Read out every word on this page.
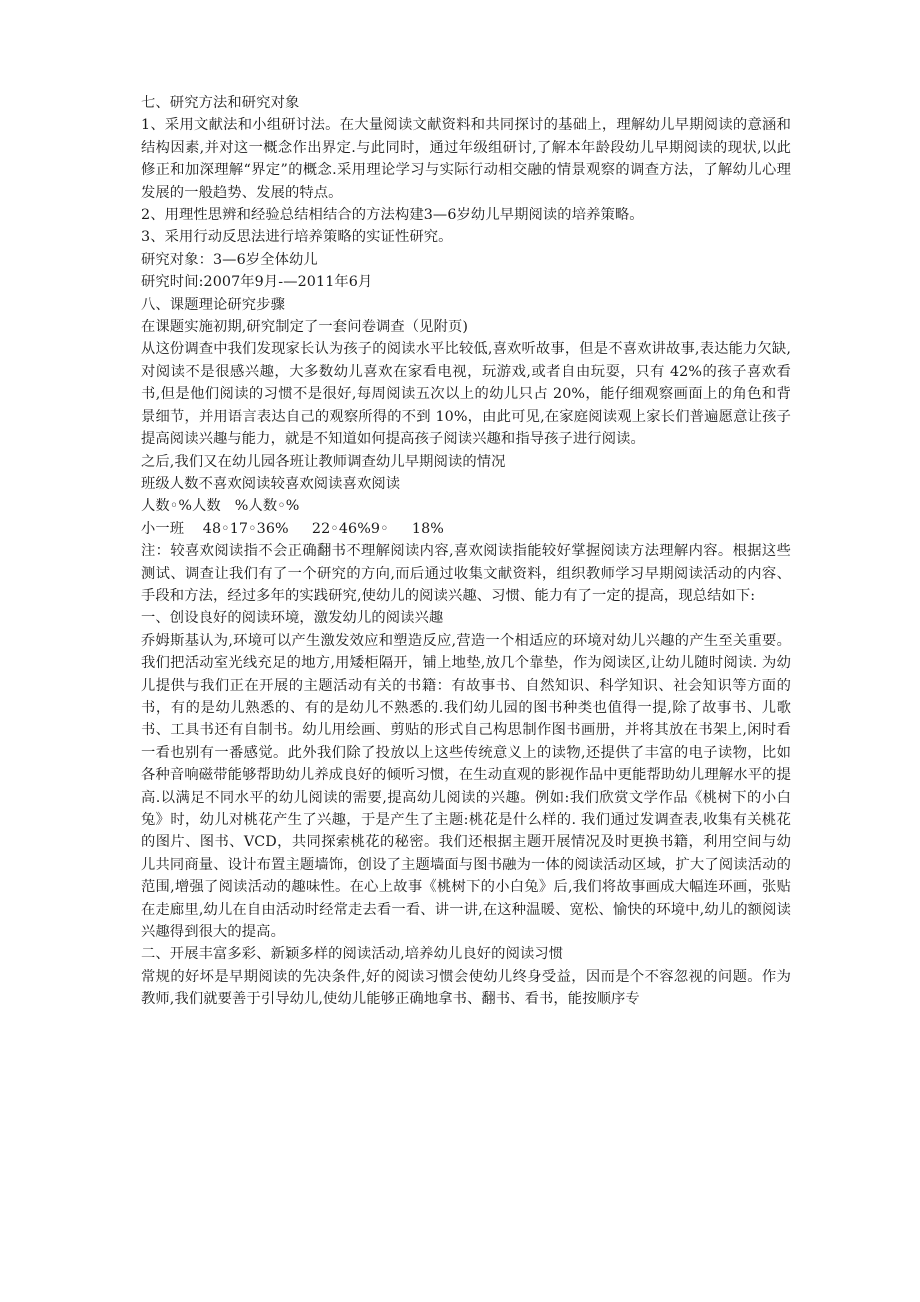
七、研究方法和研究对象

1、采用文献法和小组研讨法。在大量阅读文献资料和共同探讨的基础上，理解幼儿早期阅读的意涵和结构因素,并对这一概念作出界定.与此同时，通过年级组研讨,了解本年龄段幼儿早期阅读的现状,以此修正和加深理解“界定”的概念.采用理论学习与实际行动相交融的情景观察的调查方法，了解幼儿心理发展的一般趋势、发展的特点。

2、用理性思辨和经验总结相结合的方法构建3—6岁幼儿早期阅读的培养策略。

3、采用行动反思法进行培养策略的实证性研究。

研究对象：3—6岁全体幼儿

研究时间:2007年9月-—2011年6月

八、课题理论研究步骤

在课题实施初期,研究制定了一套问卷调查（见附页)

从这份调查中我们发现家长认为孩子的阅读水平比较低,喜欢听故事，但是不喜欢讲故事,表达能力欠缺,对阅读不是很感兴趣，大多数幼儿喜欢在家看电视，玩游戏,或者自由玩耍，只有 42%的孩子喜欢看书,但是他们阅读的习惯不是很好,每周阅读五次以上的幼儿只占 20%，能仔细观察画面上的角色和背景细节，并用语言表达自己的观察所得的不到 10%，由此可见,在家庭阅读观上家长们普遍愿意让孩子提高阅读兴趣与能力，就是不知道如何提高孩子阅读兴趣和指导孩子进行阅读。

之后,我们又在幼儿园各班让教师调查幼儿早期阅读的情况

班级人数不喜欢阅读较喜欢阅读喜欢阅读

人数◦%人数   %人数◦%

小一班    48◦17◦36%     22◦46%9◦     18%

注：较喜欢阅读指不会正确翻书不理解阅读内容,喜欢阅读指能较好掌握阅读方法理解内容。根据这些测试、调查让我们有了一个研究的方向,而后通过收集文献资料，组织教师学习早期阅读活动的内容、手段和方法，经过多年的实践研究,使幼儿的阅读兴趣、习惯、能力有了一定的提高，现总结如下:

一、创设良好的阅读环境，激发幼儿的阅读兴趣

乔姆斯基认为,环境可以产生激发效应和塑造反应,营造一个相适应的环境对幼儿兴趣的产生至关重要。我们把活动室光线充足的地方,用矮柜隔开，铺上地垫,放几个靠垫，作为阅读区,让幼儿随时阅读. 为幼儿提供与我们正在开展的主题活动有关的书籍：有故事书、自然知识、科学知识、社会知识等方面的书，有的是幼儿熟悉的、有的是幼儿不熟悉的.我们幼儿园的图书种类也值得一提,除了故事书、儿歌书、工具书还有自制书。幼儿用绘画、剪贴的形式自己构思制作图书画册，并将其放在书架上,闲时看一看也别有一番感觉。此外我们除了投放以上这些传统意义上的读物,还提供了丰富的电子读物，比如各种音响磁带能够帮助幼儿养成良好的倾听习惯，在生动直观的影视作品中更能帮助幼儿理解水平的提高.以满足不同水平的幼儿阅读的需要,提高幼儿阅读的兴趣。例如:我们欣赏文学作品《桃树下的小白兔》时，幼儿对桃花产生了兴趣，于是产生了主题:桃花是什么样的. 我们通过发调查表,收集有关桃花的图片、图书、VCD，共同探索桃花的秘密。我们还根据主题开展情况及时更换书籍，利用空间与幼儿共同商量、设计布置主题墙饰，创设了主题墙面与图书融为一体的阅读活动区域，扩大了阅读活动的范围,增强了阅读活动的趣味性。在心上故事《桃树下的小白兔》后,我们将故事画成大幅连环画，张贴在走廊里,幼儿在自由活动时经常走去看一看、讲一讲,在这种温暖、宽松、愉快的环境中,幼儿的额阅读兴趣得到很大的提高。

二、开展丰富多彩、新颖多样的阅读活动,培养幼儿良好的阅读习惯

常规的好坏是早期阅读的先决条件,好的阅读习惯会使幼儿终身受益，因而是个不容忽视的问题。作为教师,我们就要善于引导幼儿,使幼儿能够正确地拿书、翻书、看书，能按顺序专
